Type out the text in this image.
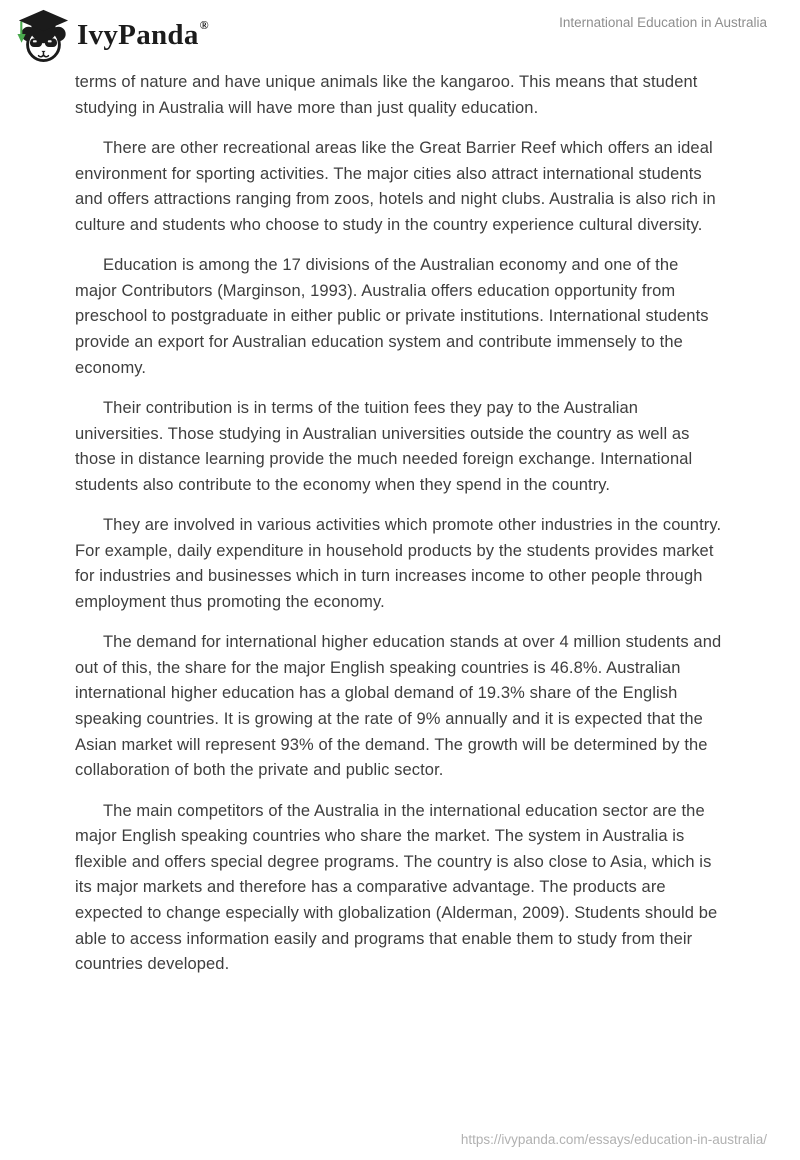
IvyPanda ®	International Education in Australia

terms of nature and have unique animals like the kangaroo. This means that student
studying in Australia will have more than just quality education.

There are other recreational areas like the Great Barrier Reef which offers an ideal
environment for sporting activities. The major cities also attract international students
and offers attractions ranging from zoos, hotels and night clubs. Australia is also rich in
culture and students who choose to study in the country experience cultural diversity.

Education is among the 17 divisions of the Australian economy and one of the
major Contributors (Marginson, 1993). Australia offers education opportunity from
preschool to postgraduate in either public or private institutions. International students
provide an export for Australian education system and contribute immensely to the
economy.

Their contribution is in terms of the tuition fees they pay to the Australian
universities. Those studying in Australian universities outside the country as well as
those in distance learning provide the much needed foreign exchange. International
students also contribute to the economy when they spend in the country.

They are involved in various activities which promote other industries in the country.
For example, daily expenditure in household products by the students provides market
for industries and businesses which in turn increases income to other people through
employment thus promoting the economy.

The demand for international higher education stands at over 4 million students and
out of this, the share for the major English speaking countries is 46.8%. Australian
international higher education has a global demand of 19.3% share of the English
speaking countries. It is growing at the rate of 9% annually and it is expected that the
Asian market will represent 93% of the demand. The growth will be determined by the
collaboration of both the private and public sector.

The main competitors of the Australia in the international education sector are the
major English speaking countries who share the market. The system in Australia is
flexible and offers special degree programs. The country is also close to Asia, which is
its major markets and therefore has a comparative advantage. The products are
expected to change especially with globalization (Alderman, 2009). Students should be
able to access information easily and programs that enable them to study from their
countries developed.

https://ivypanda.com/essays/education-in-australia/
